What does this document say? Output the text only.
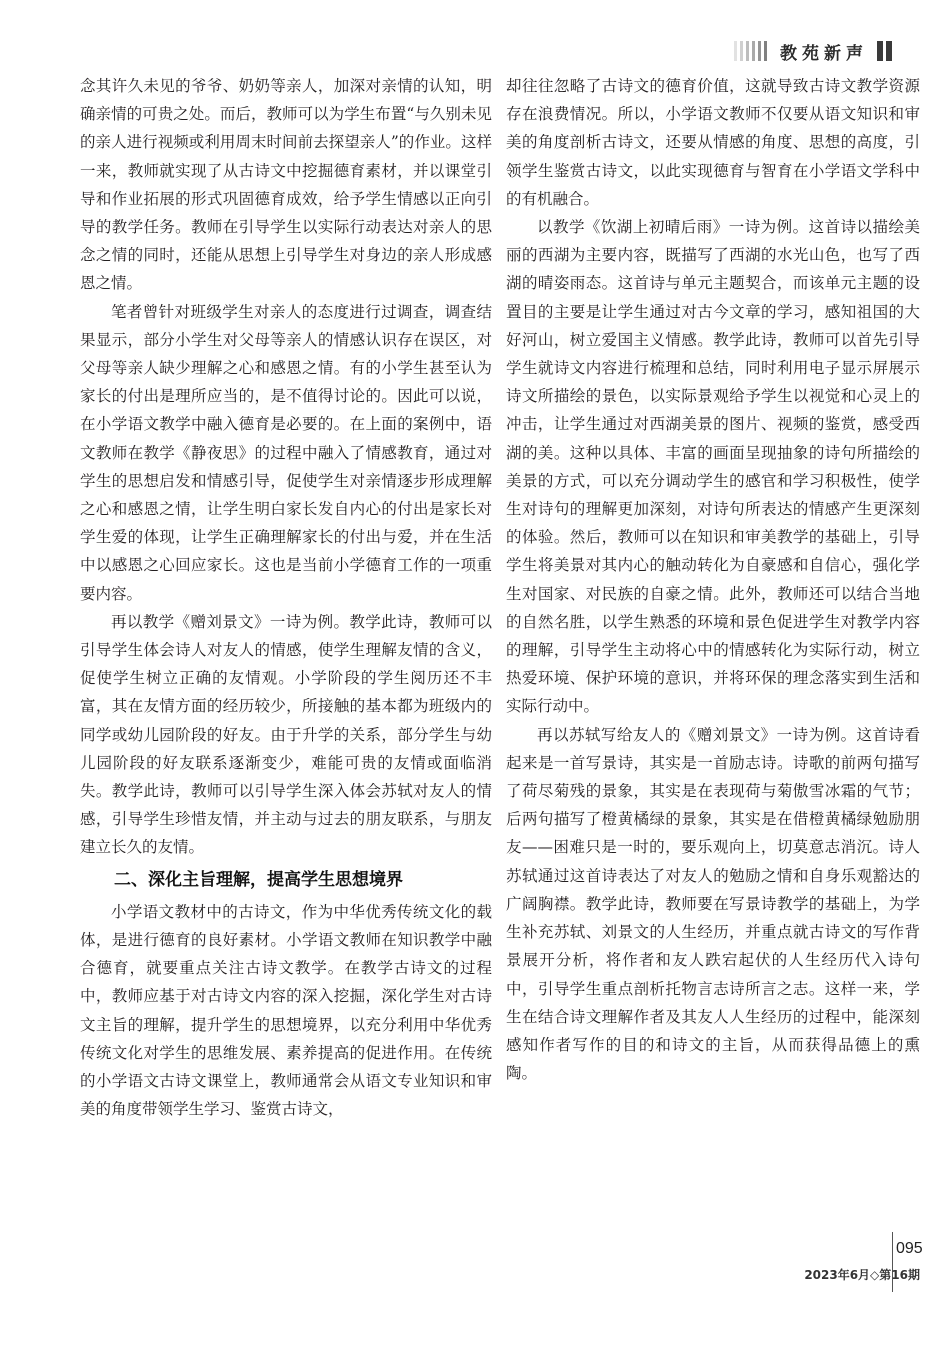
教苑新声

念其许久未见的爷爷、奶奶等亲人，加深对亲情的认知，明确亲情的可贵之处。而后，教师可以为学生布置“与久别未见的亲人进行视频或利用周末时间前去探望亲人”的作业。这样一来，教师就实现了从古诗文中挖掘德育素材，并以课堂引导和作业拓展的形式巩固德育成效，给予学生情感以正向引导的教学任务。教师在引导学生以实际行动表达对亲人的思念之情的同时，还能从思想上引导学生对身边的亲人形成感恩之情。

笔者曾针对班级学生对亲人的态度进行过调查，调查结果显示，部分小学生对父母等亲人的情感认识存在误区，对父母等亲人缺少理解之心和感恩之情。有的小学生甚至认为家长的付出是理所应当的，是不值得讨论的。因此可以说，在小学语文教学中融入德育是必要的。在上面的案例中，语文教师在教学《静夜思》的过程中融入了情感教育，通过对学生的思想启发和情感引导，促使学生对亲情逐步形成理解之心和感恩之情，让学生明白家长发自内心的付出是家长对学生爱的体现，让学生正确理解家长的付出与爱，并在生活中以感恩之心回应家长。这也是当前小学德育工作的一项重要内容。

再以教学《赠刘景文》一诗为例。教学此诗，教师可以引导学生体会诗人对友人的情感，使学生理解友情的含义，促使学生树立正确的友情观。小学阶段的学生阅历还不丰富，其在友情方面的经历较少，所接触的基本都为班级内的同学或幼儿园阶段的好友。由于升学的关系，部分学生与幼儿园阶段的好友联系逐渐变少，难能可贵的友情或面临消失。教学此诗，教师可以引导学生深入体会苏轼对友人的情感，引导学生珍惜友情，并主动与过去的朋友联系，与朋友建立长久的友情。

二、深化主旨理解，提高学生思想境界

小学语文教材中的古诗文，作为中华优秀传统文化的载体，是进行德育的良好素材。小学语文教师在知识教学中融合德育，就要重点关注古诗文教学。在教学古诗文的过程中，教师应基于对古诗文内容的深入挖掘，深化学生对古诗文主旨的理解，提升学生的思想境界，以充分利用中华优秀传统文化对学生的思维发展、素养提高的促进作用。在传统的小学语文古诗文课堂上，教师通常会从语文专业知识和审美的角度带领学生学习、鉴赏古诗文，

却往往忽略了古诗文的德育价值，这就导致古诗文教学资源存在浪费情况。所以，小学语文教师不仅要从语文知识和审美的角度剖析古诗文，还要从情感的角度、思想的高度，引领学生鉴赏古诗文，以此实现德育与智育在小学语文学科中的有机融合。

以教学《饮湖上初晴后雨》一诗为例。这首诗以描绘美丽的西湖为主要内容，既描写了西湖的水光山色，也写了西湖的晴姿雨态。这首诗与单元主题契合，而该单元主题的设置目的主要是让学生通过对古今文章的学习，感知祖国的大好河山，树立爱国主义情感。教学此诗，教师可以首先引导学生就诗文内容进行梳理和总结，同时利用电子显示屏展示诗文所描绘的景色，以实际景观给予学生以视觉和心灵上的冲击，让学生通过对西湖美景的图片、视频的鉴赏，感受西湖的美。这种以具体、丰富的画面呈现抽象的诗句所描绘的美景的方式，可以充分调动学生的感官和学习积极性，使学生对诗句的理解更加深刻，对诗句所表达的情感产生更深刻的体验。然后，教师可以在知识和审美教学的基础上，引导学生将美景对其内心的触动转化为自豪感和自信心，强化学生对国家、对民族的自豪之情。此外，教师还可以结合当地的自然名胜，以学生熟悉的环境和景色促进学生对教学内容的理解，引导学生主动将心中的情感转化为实际行动，树立热爱环境、保护环境的意识，并将环保的理念落实到生活和实际行动中。

再以苏轼写给友人的《赠刘景文》一诗为例。这首诗看起来是一首写景诗，其实是一首励志诗。诗歌的前两句描写了荷尽菊残的景象，其实是在表现荷与菊傲雪冰霜的气节；后两句描写了橙黄橘绿的景象，其实是在借橙黄橘绿勉励朋友——困难只是一时的，要乐观向上，切莫意志消沉。诗人苏轼通过这首诗表达了对友人的勉励之情和自身乐观豁达的广阔胸襟。教学此诗，教师要在写景诗教学的基础上，为学生补充苏轼、刘景文的人生经历，并重点就古诗文的写作背景展开分析，将作者和友人跌宕起伏的人生经历代入诗句中，引导学生重点剖析托物言志诗所言之志。这样一来，学生在结合诗文理解作者及其友人人生经历的过程中，能深刻感知作者写作的目的和诗文的主旨，从而获得品德上的熏陶。

095
2023年6月◇第16期
